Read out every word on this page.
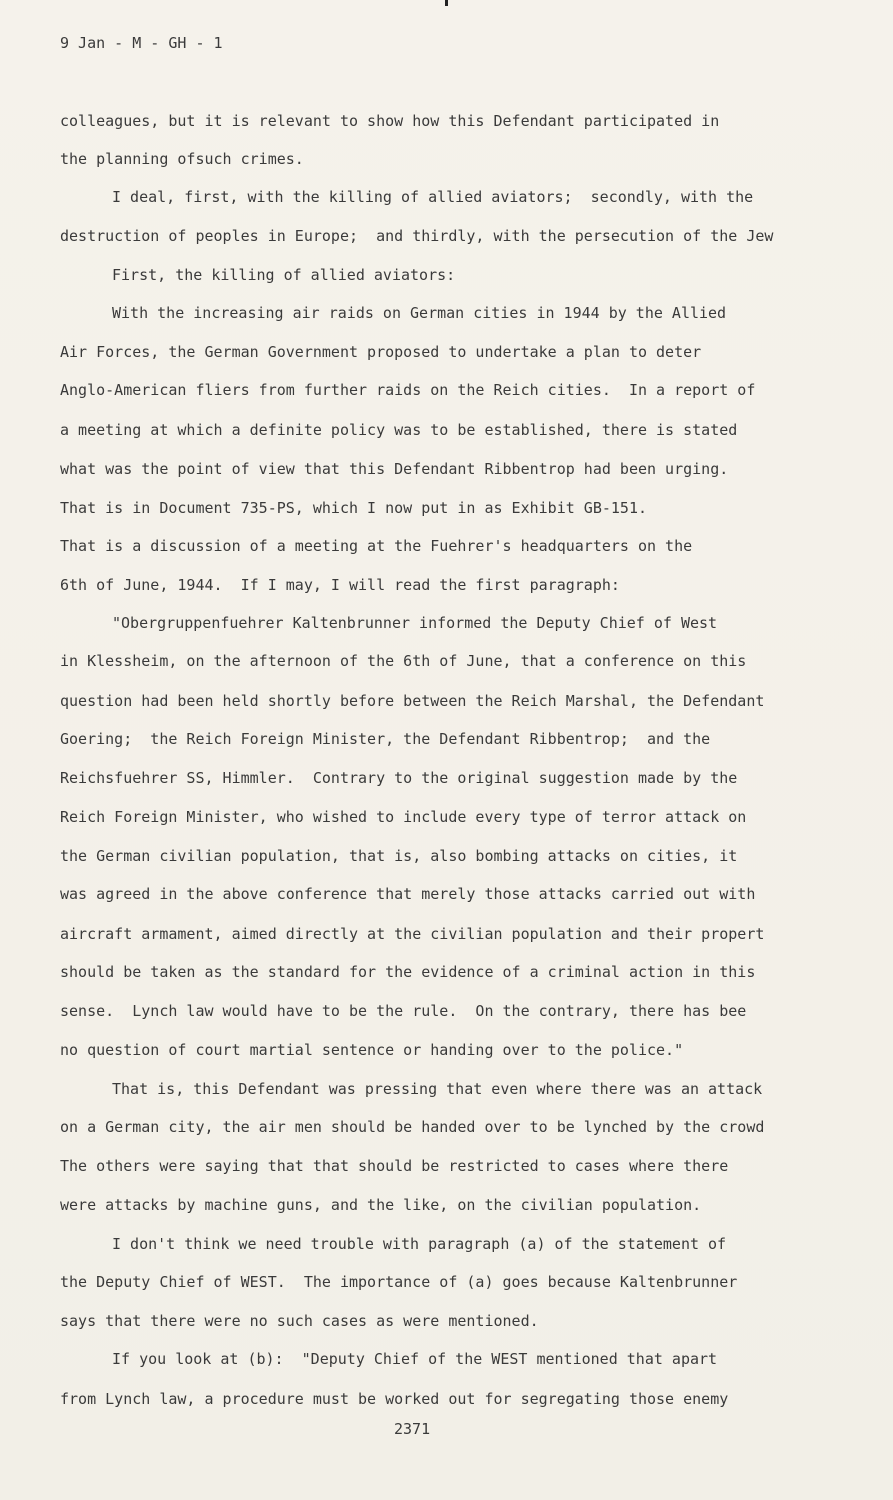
9 Jan - M - GH - 1
colleagues, but it is relevant to show how this Defendant participated in
the planning ofsuch crimes.
I deal, first, with the killing of allied aviators;  secondly, with the
destruction of peoples in Europe;  and thirdly, with the persecution of the Jew
First, the killing of allied aviators:
With the increasing air raids on German cities in 1944 by the Allied
Air Forces, the German Government proposed to undertake a plan to deter
Anglo-American fliers from further raids on the Reich cities.  In a report of
a meeting at which a definite policy was to be established, there is stated
what was the point of view that this Defendant Ribbentrop had been urging.
That is in Document 735-PS, which I now put in as Exhibit GB-151.
That is a discussion of a meeting at the Fuehrer's headquarters on the
6th of June, 1944.  If I may, I will read the first paragraph:
"Obergruppenfuehrer Kaltenbrunner informed the Deputy Chief of West
in Klessheim, on the afternoon of the 6th of June, that a conference on this
question had been held shortly before between the Reich Marshal, the Defendant
Goering;  the Reich Foreign Minister, the Defendant Ribbentrop;  and the
Reichsfuehrer SS, Himmler.  Contrary to the original suggestion made by the
Reich Foreign Minister, who wished to include every type of terror attack on
the German civilian population, that is, also bombing attacks on cities, it
was agreed in the above conference that merely those attacks carried out with
aircraft armament, aimed directly at the civilian population and their propert
should be taken as the standard for the evidence of a criminal action in this
sense.  Lynch law would have to be the rule.  On the contrary, there has bee
no question of court martial sentence or handing over to the police."
That is, this Defendant was pressing that even where there was an attack
on a German city, the air men should be handed over to be lynched by the crowd
The others were saying that that should be restricted to cases where there
were attacks by machine guns, and the like, on the civilian population.
I don't think we need trouble with paragraph (a) of the statement of
the Deputy Chief of WEST.  The importance of (a) goes because Kaltenbrunner
says that there were no such cases as were mentioned.
If you look at (b):  "Deputy Chief of the WEST mentioned that apart
from Lynch law, a procedure must be worked out for segregating those enemy
2371
